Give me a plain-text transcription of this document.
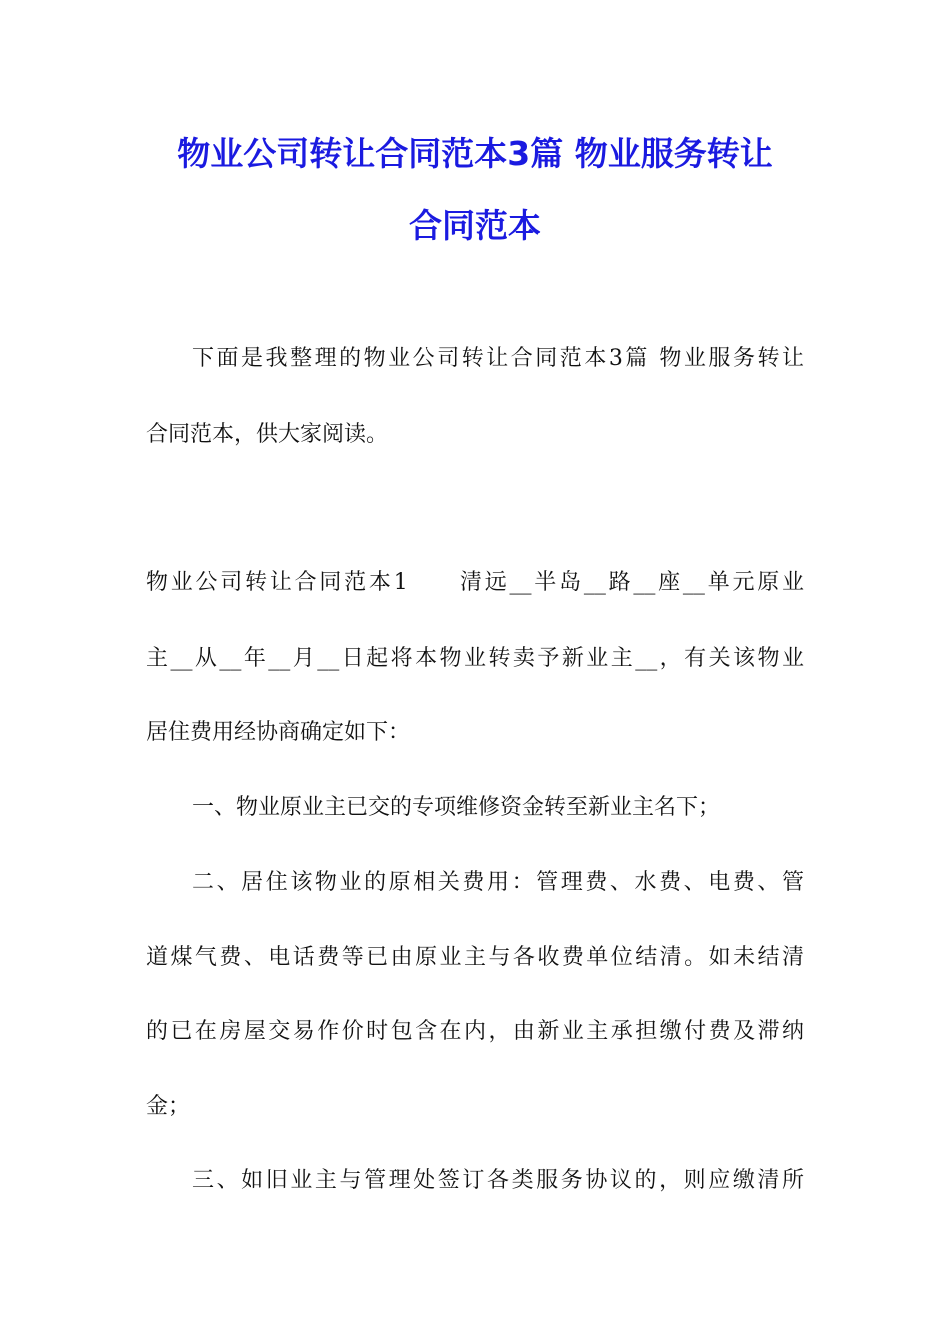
物业公司转让合同范本3篇 物业服务转让
合同范本
下面是我整理的物业公司转让合同范本3篇 物业服务转让
合同范本，供大家阅读。
物业公司转让合同范本1　　清远__半岛__路__座__单元原业
主__从__年__月__日起将本物业转卖予新业主__，有关该物业
居住费用经协商确定如下：
一、物业原业主已交的专项维修资金转至新业主名下；
二、居住该物业的原相关费用：管理费、水费、电费、管
道煤气费、电话费等已由原业主与各收费单位结清。如未结清
的已在房屋交易作价时包含在内，由新业主承担缴付费及滞纳
金；
三、如旧业主与管理处签订各类服务协议的，则应缴清所
